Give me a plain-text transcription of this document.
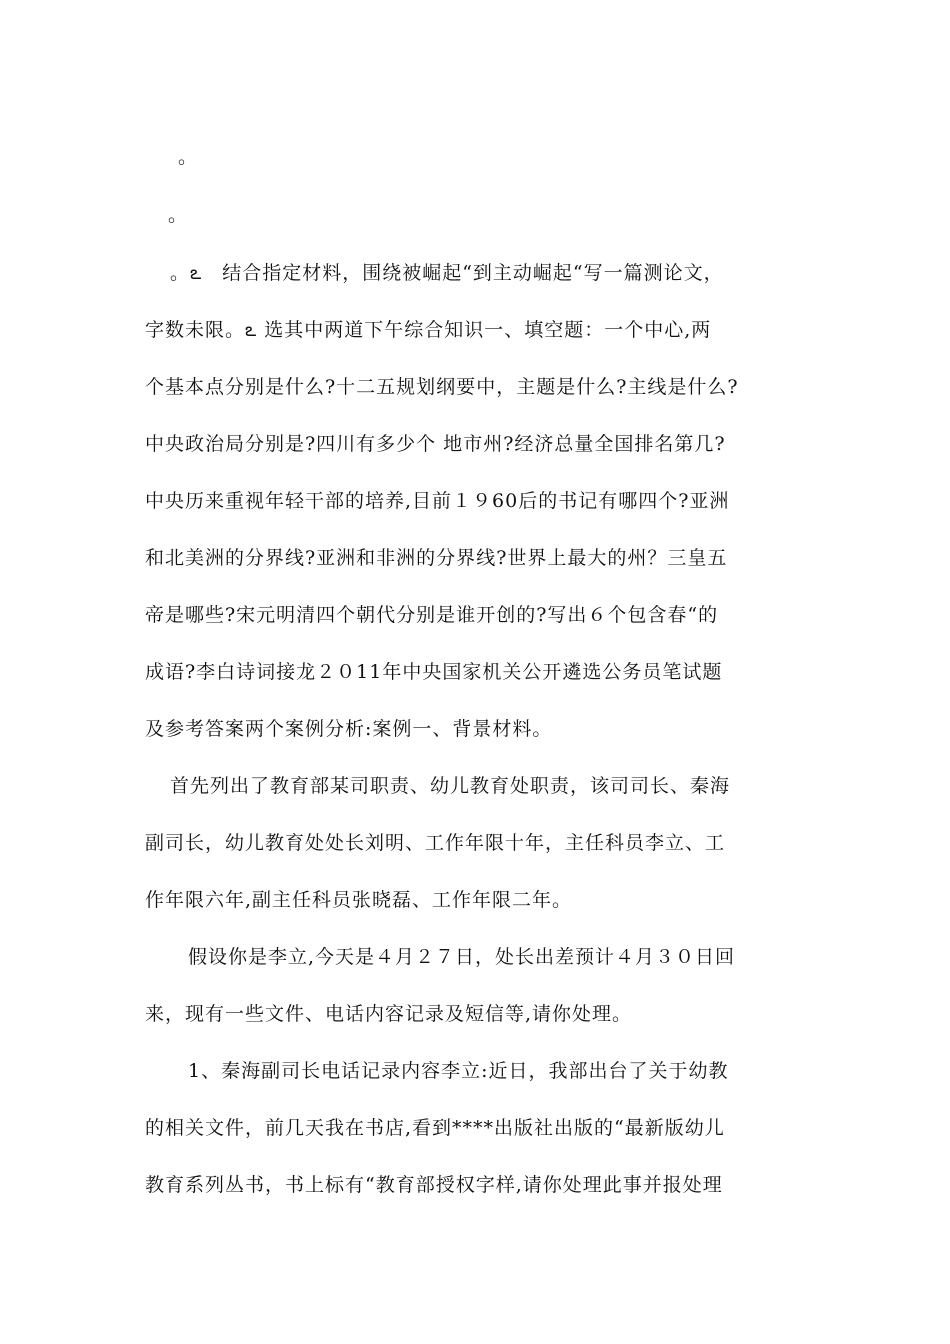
。
。
。ఽ　结合指定材料，围绕被崛起“到主动崛起“写一篇测论文，
字数未限。ఽ 选其中两道下午综合知识一、填空题：一个中心,两
个基本点分别是什么?十二五规划纲要中，主题是什么?主线是什么?
中央政治局分别是?四川有多少个 地市州?经济总量全国排名第几?
中央历来重视年轻干部的培养,目前１９60后的书记有哪四个?亚洲
和北美洲的分界线?亚洲和非洲的分界线?世界上最大的州？三皇五
帝是哪些?宋元明清四个朝代分别是谁开创的?写出６个包含春“的
成语?李白诗词接龙２０11年中央国家机关公开遴选公务员笔试题
及参考答案两个案例分析:案例一、背景材料。
首先列出了教育部某司职责、幼儿教育处职责，该司司长、秦海
副司长，幼儿教育处处长刘明、工作年限十年，主任科员李立、工
作年限六年,副主任科员张晓磊、工作年限二年。
假设你是李立,今天是４月２７日，处长出差预计４月３０日回
来，现有一些文件、电话内容记录及短信等,请你处理。
1、秦海副司长电话记录内容李立:近日，我部出台了关于幼教
的相关文件，前几天我在书店,看到****出版社出版的“最新版幼儿
教育系列丛书，书上标有“教育部授权字样,请你处理此事并报处理
